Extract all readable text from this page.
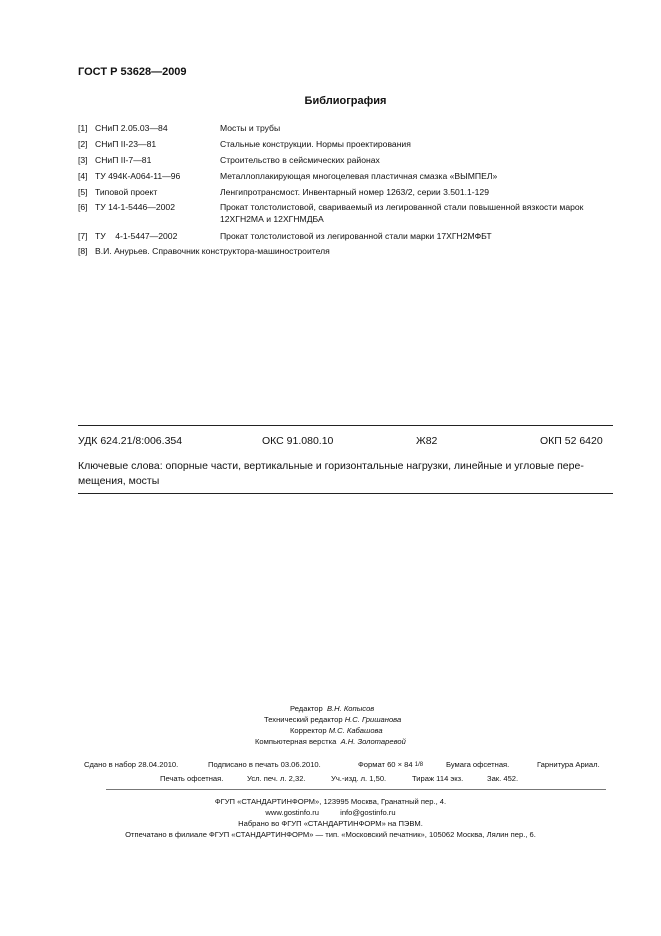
ГОСТ Р 53628—2009
Библиография
[1] СНиП 2.05.03—84	Мосты и трубы
[2] СНиП II-23—81	Стальные конструкции. Нормы проектирования
[3] СНиП II-7—81	Строительство в сейсмических районах
[4] ТУ 494К-А064-11—96	Металлоплакирующая многоцелевая пластичная смазка «ВЫМПЕЛ»
[5] Типовой проект	Ленгипротрансмост. Инвентарный номер 1263/2, серии 3.501.1-129
[6] ТУ 14-1-5446—2002	Прокат толстолистовой, свариваемый из легированной стали повышенной вязкости марок 12ХГН2МА и 12ХГНМДБА
[7] ТУ    4-1-5447—2002	Прокат толстолистовой из легированной стали марки 17ХГН2МФБТ
[8] В.И. Анурьев. Справочник конструктора-машиностроителя
УДК 624.21/8:006.354	ОКС 91.080.10	Ж82	ОКП 52 6420
Ключевые слова: опорные части, вертикальные и горизонтальные нагрузки, линейные и угловые пере-мещения, мосты
Редактор В.Н. Копысов
Технический редактор Н.С. Гришанова
Корректор М.С. Кабашова
Компьютерная верстка А.Н. Золотаревой
Сдано в набор 28.04.2010.	Подписано в печать 03.06.2010.	Формат 60 × 84 1/8	Бумага офсетная.	Гарнитура Ариал.
Печать офсетная.	Усл. печ. л. 2,32.	Уч.-изд. л. 1,50.	Тираж 114 экз.	Зак. 452.
ФГУП «СТАНДАРТИНФОРМ», 123995 Москва, Гранатный пер., 4.
www.gostinfo.ru	info@gostinfo.ru
Набрано во ФГУП «СТАНДАРТИНФОРМ» на ПЭВМ.
Отпечатано в филиале ФГУП «СТАНДАРТИНФОРМ» — тип. «Московский печатник», 105062 Москва, Лялин пер., 6.
